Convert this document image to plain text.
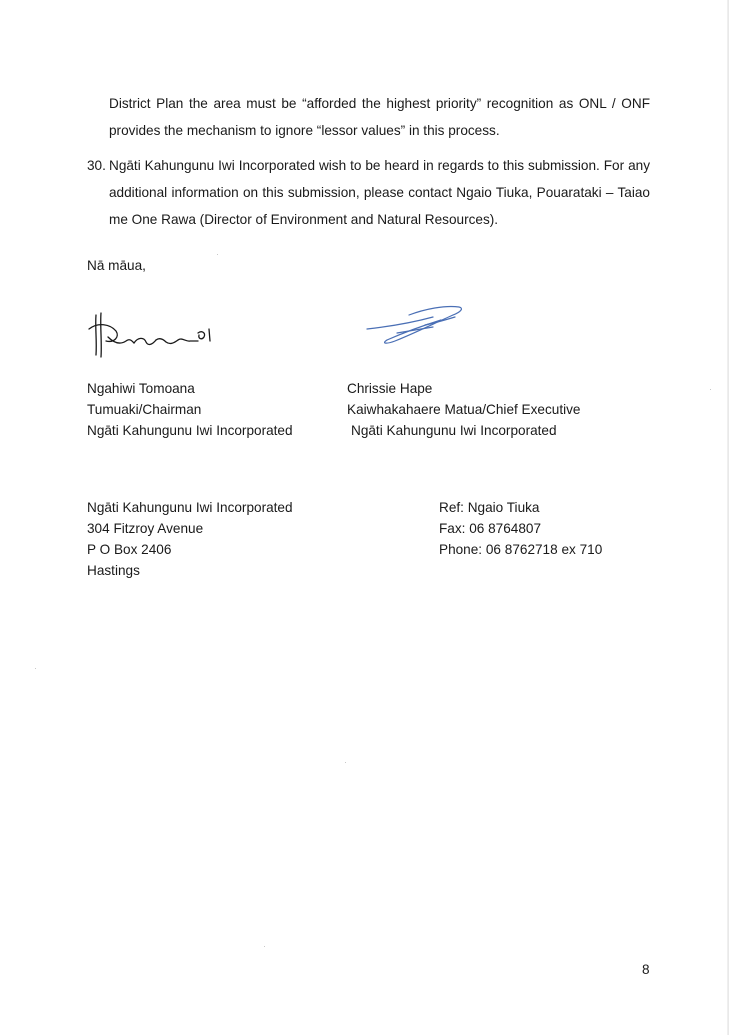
District Plan the area must be “afforded the highest priority” recognition as ONL / ONF
provides the mechanism to ignore “lessor values” in this process.
30. Ngāti Kahungunu Iwi Incorporated wish to be heard in regards to this submission. For any
additional information on this submission, please contact Ngaio Tiuka, Pouarataki – Taiao
me One Rawa (Director of Environment and Natural Resources).
Nā māua,
Ngahiwi Tomoana
Tumuaki/Chairman
Ngāti Kahungunu Iwi Incorporated
Chrissie Hape
Kaiwhakahaere Matua/Chief Executive
Ngāti Kahungunu Iwi Incorporated
Ngāti Kahungunu Iwi Incorporated
304 Fitzroy Avenue
P O Box 2406
Hastings
Ref: Ngaio Tiuka
Fax: 06 8764807
Phone: 06 8762718 ex 710
8
